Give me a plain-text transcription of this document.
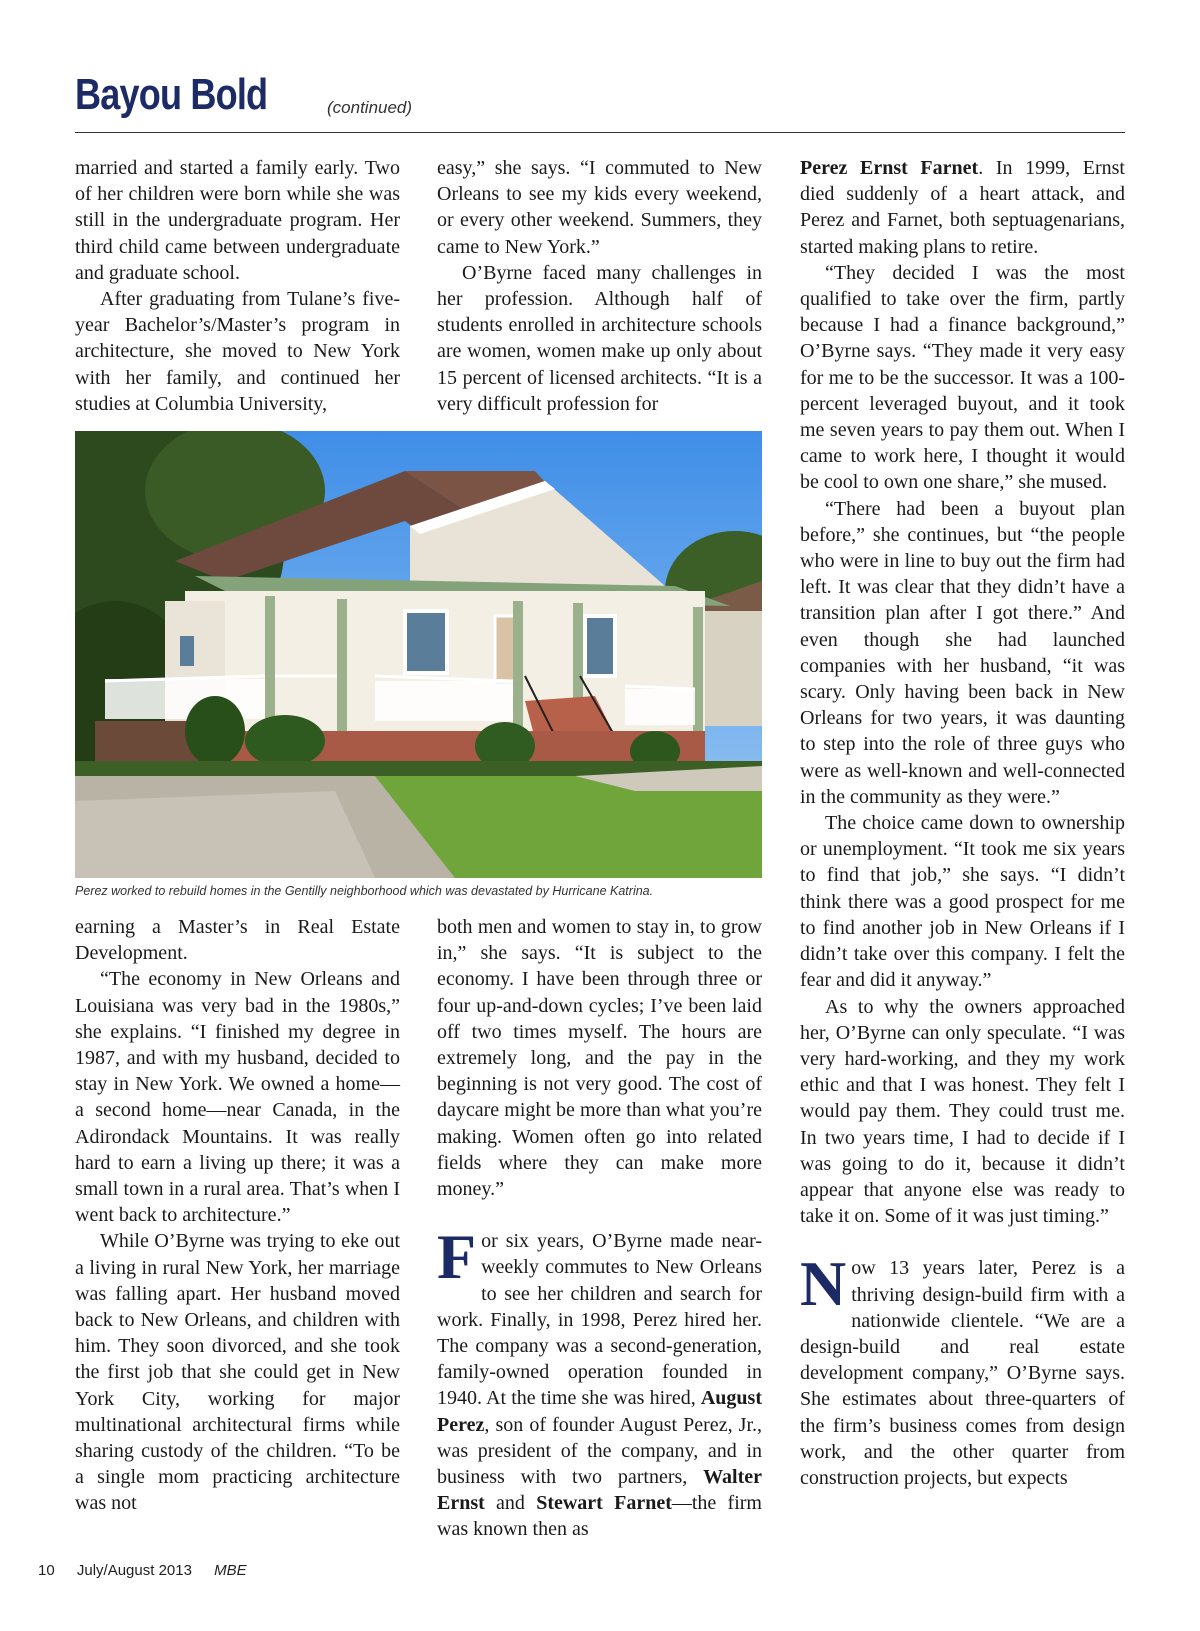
Bayou Bold	(continued)

married and started a family early. Two of her children were born while she was still in the undergraduate program. Her third child came between undergraduate and graduate school.

After graduating from Tulane’s five-year Bachelor’s/Master’s program in architecture, she moved to New York with her family, and continued her studies at Columbia University,

easy,” she says. “I commuted to New Orleans to see my kids every weekend, or every other weekend. Summers, they came to New York.”

O’Byrne faced many challenges in her profession. Although half of students enrolled in architecture schools are women, women make up only about 15 percent of licensed architects. “It is a very difficult profession for

Perez worked to rebuild homes in the Gentilly neighborhood which was devastated by Hurricane Katrina.

earning a Master’s in Real Estate Development.

“The economy in New Orleans and Louisiana was very bad in the 1980s,” she explains. “I finished my degree in 1987, and with my husband, decided to stay in New York. We owned a home—a second home—near Canada, in the Adirondack Mountains. It was really hard to earn a living up there; it was a small town in a rural area. That’s when I went back to architecture.”

While O’Byrne was trying to eke out a living in rural New York, her marriage was falling apart. Her husband moved back to New Orleans, and children with him. They soon divorced, and she took the first job that she could get in New York City, working for major multinational architectural firms while sharing custody of the children. “To be a single mom practicing architecture was not

both men and women to stay in, to grow in,” she says. “It is subject to the economy. I have been through three or four up-and-down cycles; I’ve been laid off two times myself. The hours are extremely long, and the pay in the beginning is not very good. The cost of daycare might be more than what you’re making. Women often go into related fields where they can make more money.”

For six years, O’Byrne made near-weekly commutes to New Orleans to see her children and search for work. Finally, in 1998, Perez hired her. The company was a second-generation, family-owned operation founded in 1940. At the time she was hired, August Perez, son of founder August Perez, Jr., was president of the company, and in business with two partners, Walter Ernst and Stewart Farnet—the firm was known then as

Perez Ernst Farnet. In 1999, Ernst died suddenly of a heart attack, and Perez and Farnet, both septuagenarians, started making plans to retire.

“They decided I was the most qualified to take over the firm, partly because I had a finance background,” O’Byrne says. “They made it very easy for me to be the successor. It was a 100-percent leveraged buyout, and it took me seven years to pay them out. When I came to work here, I thought it would be cool to own one share,” she mused.

“There had been a buyout plan before,” she continues, but “the people who were in line to buy out the firm had left. It was clear that they didn’t have a transition plan after I got there.” And even though she had launched companies with her husband, “it was scary. Only having been back in New Orleans for two years, it was daunting to step into the role of three guys who were as well-known and well-connected in the community as they were.”

The choice came down to ownership or unemployment. “It took me six years to find that job,” she says. “I didn’t think there was a good prospect for me to find another job in New Orleans if I didn’t take over this company. I felt the fear and did it anyway.”

As to why the owners approached her, O’Byrne can only speculate. “I was very hard-working, and they my work ethic and that I was honest. They felt I would pay them. They could trust me. In two years time, I had to decide if I was going to do it, because it didn’t appear that anyone else was ready to take it on. Some of it was just timing.”

Now 13 years later, Perez is a thriving design-build firm with a nationwide clientele. “We are a design-build and real estate development company,” O’Byrne says. She estimates about three-quarters of the firm’s business comes from design work, and the other quarter from construction projects, but expects

10 July/August 2013 MBE
